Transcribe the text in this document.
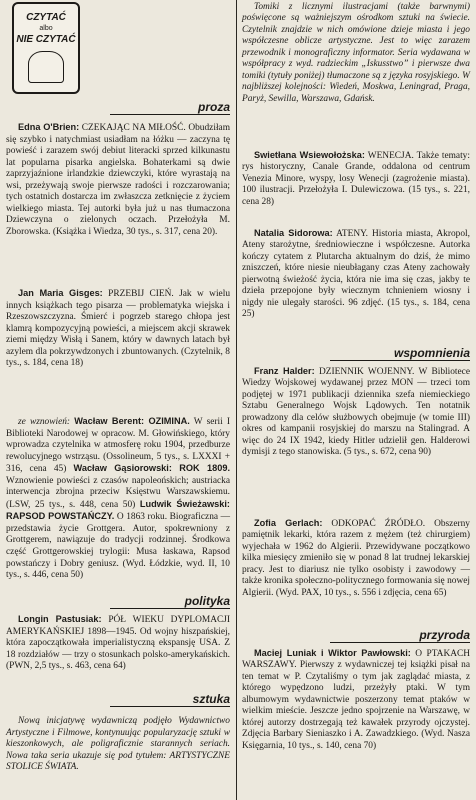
CZYTAĆ
albo
NIE CZYTAĆ
proza

Edna O'Brien: CZEKAJĄC NA MIŁOŚĆ. Obudziłam się szybko i natychmiast usiadłam na łóżku — zaczyna tę powieść i zarazem swój debiut literacki sprzed kilkunastu lat popularna pisarka angielska. Bohaterkami są dwie zaprzyjaźnione irlandzkie dziewczyki, które wyrastają na wsi, przeżywają swoje pierwsze radości i rozczarowania; tych ostatnich dostarcza im zwłaszcza zetknięcie z życiem wielkiego miasta. Tej autorki była już u nas tłumaczona Dziewczyna o zielonych oczach. Przełożyła M. Zborowska. (Książka i Wiedza, 30 tys., s. 317, cena 20).

Jan Maria Gisges: PRZEBIJ CIEŃ. Jak w wielu innych książkach tego pisarza — problematyka wiejska i Rzeszowszczyzna. Śmierć i pogrzeb starego chłopa jest klamrą kompozycyjną powieści, a miejscem akcji skrawek ziemi między Wisłą i Sanem, który w dawnych latach był azylem dla pokrzywdzonych i zbuntowanych. (Czytelnik, 8 tys., s. 184, cena 18)

ze wznowień: Wacław Berent: OZIMINA. W serii I Biblioteki Narodowej w opracow. M. Głowińskiego, który wprowadza czytelnika w atmosferę roku 1904, przedburze rewolucyjnego wstrząsu. (Ossolineum, 5 tys., s. LXXXI + 316, cena 45) Wacław Gąsiorowski: ROK 1809. Wznowienie powieści z czasów napoleońskich; austriacka interwencja zbrojna przeciw Księstwu Warszawskiemu. (LSW, 25 tys., s. 448, cena 50) Ludwik Świeżawski: RAPSOD POWSTAŃCZY. O 1863 roku. Biograficzna — przedstawia życie Grottgera. Autor, spokrewniony z Grottgerem, nawiązuje do tradycji rodzinnej. Środkowa część Grottgerowskiej trylogii: Musa łaskawa, Rapsod powstańczy i Dobry geniusz. (Wyd. Łódzkie, wyd. II, 10 tys., s. 446, cena 50)

polityka

Longin Pastusiak: PÓŁ WIEKU DYPLOMACJI AMERYKAŃSKIEJ 1898—1945. Od wojny hiszpańskiej, która zapoczątkowała imperialistyczną ekspansję USA. Z 18 rozdziałów — trzy o stosunkach polsko-amerykańskich. (PWN, 2,5 tys., s. 463, cena 64)

sztuka

Nową inicjatywę wydawniczą podjęło Wydawnictwo Artystyczne i Filmowe, kontynuując popularyzację sztuki w kieszonkowych, ale poligraficznie starannych seriach. Nowa taka seria ukazuje się pod tytułem: ARTYSTYCZNE STOLICE ŚWIATA.

Tomiki z licznymi ilustracjami (także barwnymi) poświęcone są ważniejszym ośrodkom sztuki na świecie. Czytelnik znajdzie w nich omówione dzieje miasta i jego współczesne oblicze artystyczne. Jest to więc zarazem przewodnik i monograficzny informator. Seria wydawana w współpracy z wyd. radzieckim „Iskusstwo” i pierwsze dwa tomiki (tytuły poniżej) tłumaczone są z języka rosyjskiego. W najbliższej kolejności: Wiedeń, Moskwa, Leningrad, Praga, Paryż, Sewilla, Warszawa, Gdańsk.

Swietłana Wsiewołożska: WENECJA. Także tematy: rys historyczny, Canale Grande, oddalona od centrum Venezia Minore, wyspy, losy Wenecji (zagrożenie miasta). 100 ilustracji. Przełożyła I. Dulewiczowa. (15 tys., s. 221, cena 28)

Natalia Sidorowa: ATENY. Historia miasta, Akropol, Ateny starożytne, średniowieczne i współczesne. Autorka kończy cytatem z Plutarcha aktualnym do dziś, że mimo zniszczeń, które niesie nieubłagany czas Ateny zachowały pierwotną świeżość życia, która nie ima się czas, jakby te dzieła przepojone były wiecznym tchnieniem wiosny i nigdy nie ulegały starości. 96 zdjęć. (15 tys., s. 184, cena 25)

wspomnienia

Franz Halder: DZIENNIK WOJENNY. W Bibliotece Wiedzy Wojskowej wydawanej przez MON — trzeci tom podjętej w 1971 publikacji dziennika szefa niemieckiego Sztabu Generalnego Wojsk Lądowych. Ten notatnik prowadzony dla celów służbowych obejmuje (w tomie III) okres od kampanii rosyjskiej do marszu na Stalingrad. A więc do 24 IX 1942, kiedy Hitler udzielił gen. Halderowi dymisji z tego stanowiska. (5 tys., s. 672, cena 90)

Zofia Gerlach: ODKOPAĆ ŹRÓDŁO. Obszerny pamiętnik lekarki, która razem z mężem (też chirurgiem) wyjechała w 1962 do Algierii. Przewidywane początkowo kilka miesięcy zmieniło się w ponad 8 lat trudnej lekarskiej pracy. Jest to diariusz nie tylko osobisty i zawodowy — także kronika społeczno-politycznego formowania się nowej Algierii. (Wyd. PAX, 10 tys., s. 556 i zdjęcia, cena 65)

przyroda

Maciej Luniak i Wiktor Pawłowski: O PTAKACH WARSZAWY. Pierwszy z wydawniczej tej książki pisał na ten temat w P. Czytaliśmy o tym jak zaglądać miasta, z którego wypędzono ludzi, przeżyły ptaki. W tym albumowym wydawnictwie poszerzony temat ptaków w wielkim mieście. Jeszcze jedno spojrzenie na Warszawę, w której autorzy dostrzegają też kawałek przyrody ojczystej. Zdjęcia Barbary Sieniaszko i A. Zawadzkiego. (Wyd. Nasza Księgarnia, 10 tys., s. 140, cena 70)
